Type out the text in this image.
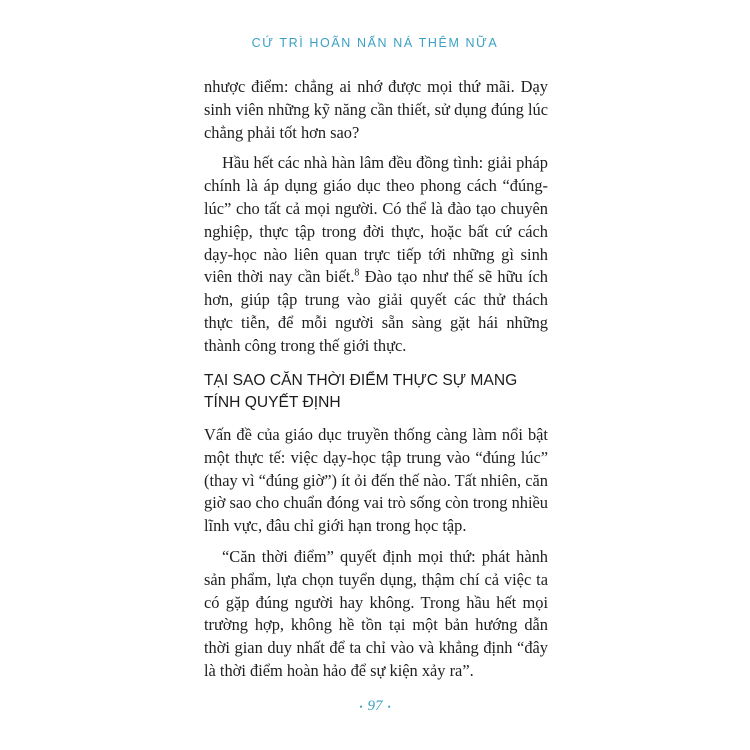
CỨ TRÌ HOÃN NẤN NÁ THÊM NỮA

nhược điểm: chẳng ai nhớ được mọi thứ mãi. Dạy sinh viên những kỹ năng cần thiết, sử dụng đúng lúc chẳng phải tốt hơn sao?

Hầu hết các nhà hàn lâm đều đồng tình: giải pháp chính là áp dụng giáo dục theo phong cách “đúng-lúc” cho tất cả mọi người. Có thể là đào tạo chuyên nghiệp, thực tập trong đời thực, hoặc bất cứ cách dạy-học nào liên quan trực tiếp tới những gì sinh viên thời nay cần biết.$^8$ Đào tạo như thế sẽ hữu ích hơn, giúp tập trung vào giải quyết các thử thách thực tiễn, để mỗi người sẵn sàng gặt hái những thành công trong thế giới thực.

TẠI SAO CĂN THỜI ĐIỂM THỰC SỰ MANG TÍNH QUYẾT ĐỊNH

Vấn đề của giáo dục truyền thống càng làm nổi bật một thực tế: việc dạy-học tập trung vào “đúng lúc” (thay vì “đúng giờ”) ít ỏi đến thế nào. Tất nhiên, căn giờ sao cho chuẩn đóng vai trò sống còn trong nhiều lĩnh vực, đâu chỉ giới hạn trong học tập.

“Căn thời điểm” quyết định mọi thứ: phát hành sản phẩm, lựa chọn tuyển dụng, thậm chí cả việc ta có gặp đúng người hay không. Trong hầu hết mọi trường hợp, không hề tồn tại một bản hướng dẫn thời gian duy nhất để ta chỉ vào và khẳng định “đây là thời điểm hoàn hảo để sự kiện xảy ra”.

• 97 •
